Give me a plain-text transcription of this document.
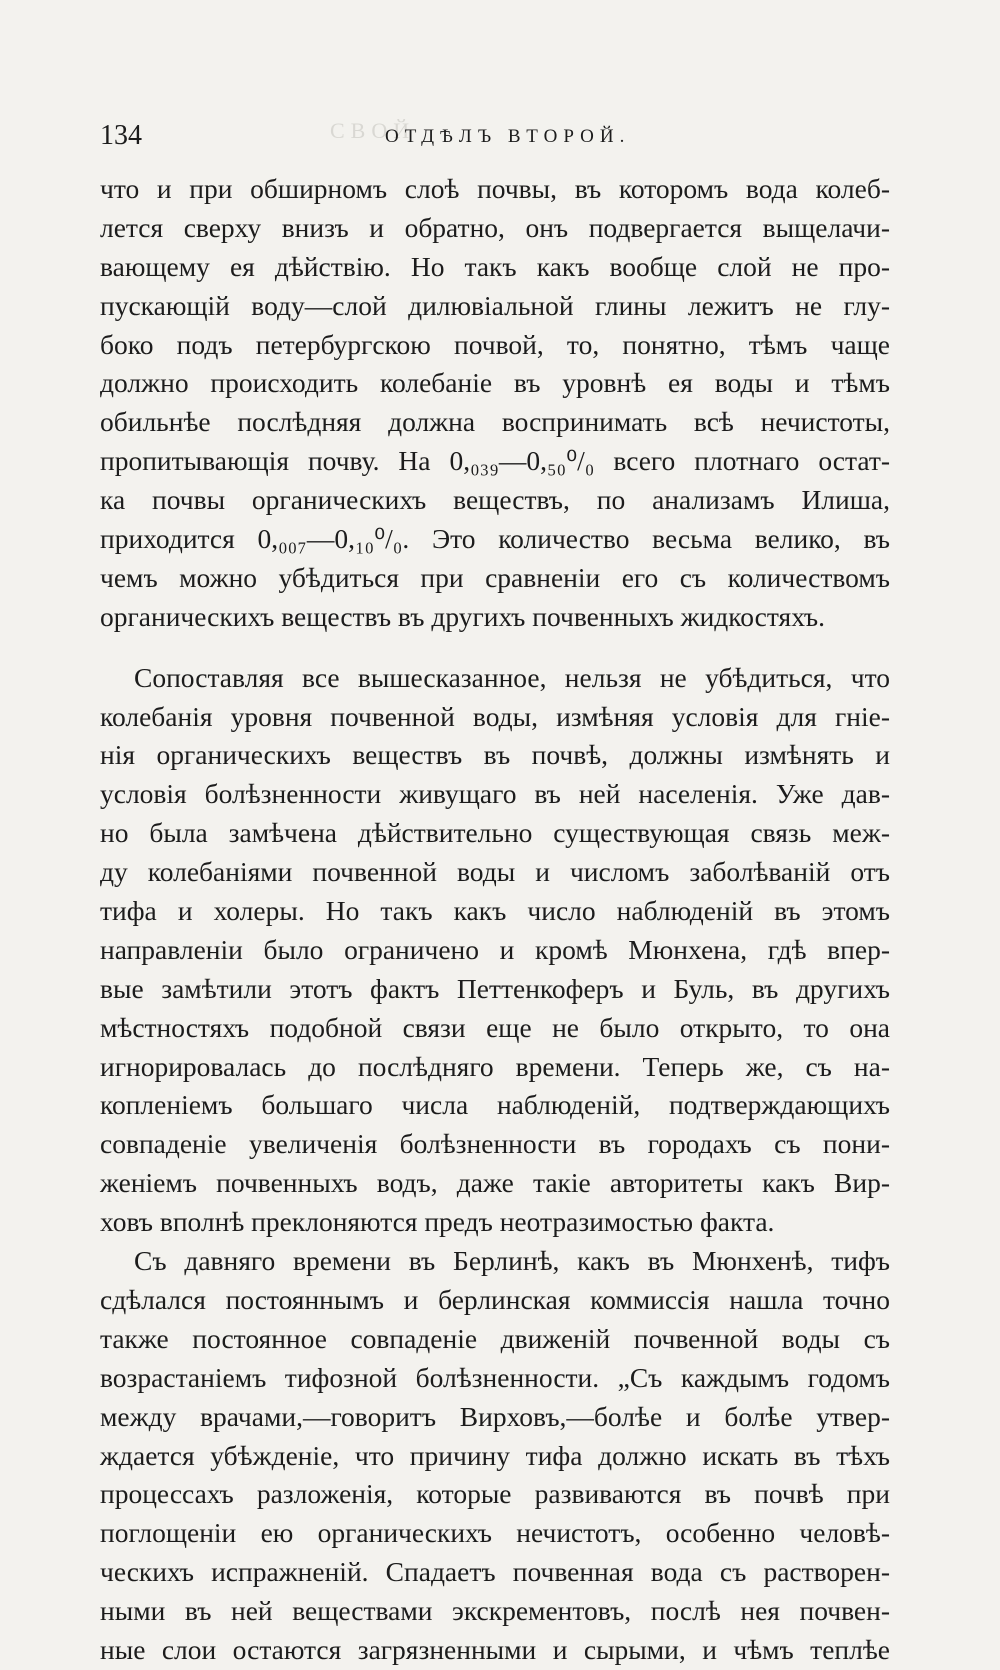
СВОЙ
134	ОТДѢЛЪ ВТОРОЙ.
что и при обширномъ слоѣ почвы, въ которомъ вода колеб-
лется сверху внизъ и обратно, онъ подвергается выщелачи-
вающему ея дѣйствію. Но такъ какъ вообще слой не про-
пускающій воду—слой дилювіальной глины лежитъ не глу-
боко подъ петербургскою почвой, то, понятно, тѣмъ чаще
должно происходить колебаніе въ уровнѣ ея воды и тѣмъ
обильнѣе послѣдняя должна воспринимать всѣ нечистоты,
пропитывающія почву. На 0,₀₃₉—0,₅₀⁰/₀ всего плотнаго остат-
ка почвы органическихъ веществъ, по анализамъ Илиша,
приходится 0,₀₀₇—0,₁₀⁰/₀. Это количество весьма велико, въ
чемъ можно убѣдиться при сравненіи его съ количествомъ
органическихъ веществъ въ другихъ почвенныхъ жидкостяхъ.
Сопоставляя все вышесказанное, нельзя не убѣдиться, что
колебанія уровня почвенной воды, измѣняя условія для гніе-
нія органическихъ веществъ въ почвѣ, должны измѣнять и
условія болѣзненности живущаго въ ней населенія. Уже дав-
но была замѣчена дѣйствительно существующая связь меж-
ду колебаніями почвенной воды и числомъ заболѣваній отъ
тифа и холеры. Но такъ какъ число наблюденій въ этомъ
направленіи было ограничено и кромѣ Мюнхена, гдѣ впер-
вые замѣтили этотъ фактъ Петтенкоферъ и Буль, въ другихъ
мѣстностяхъ подобной связи еще не было открыто, то она
игнорировалась до послѣдняго времени. Теперь же, съ на-
копленіемъ большаго числа наблюденій, подтверждающихъ
совпаденіе увеличенія болѣзненности въ городахъ съ пони-
женіемъ почвенныхъ водъ, даже такіе авторитеты какъ Вир-
ховъ вполнѣ преклоняются предъ неотразимостью факта.
Съ давняго времени въ Берлинѣ, какъ въ Мюнхенѣ, тифъ
сдѣлался постояннымъ и берлинская коммиссія нашла точно
также постоянное совпаденіе движеній почвенной воды съ
возрастаніемъ тифозной болѣзненности. „Съ каждымъ годомъ
между врачами,—говоритъ Вирховъ,—болѣе и болѣе утвер-
ждается убѣжденіе, что причину тифа должно искать въ тѣхъ
процессахъ разложенія, которые развиваются въ почвѣ при
поглощеніи ею органическихъ нечистотъ, особенно человѣ-
ческихъ испражненій. Спадаетъ почвенная вода съ растворен-
ными въ ней веществами экскрементовъ, послѣ нея почвен-
ные слои остаются загрязненными и сырыми, и чѣмъ теплѣе
